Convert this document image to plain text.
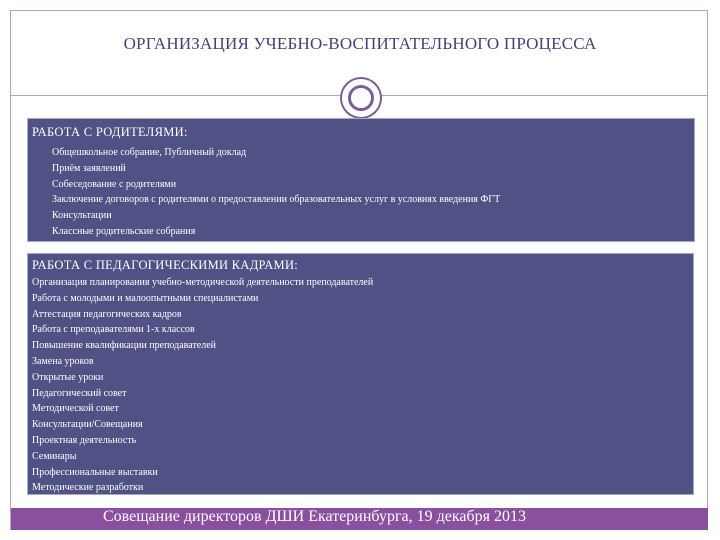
ОРГАНИЗАЦИЯ УЧЕБНО-ВОСПИТАТЕЛЬНОГО ПРОЦЕССА
РАБОТА С РОДИТЕЛЯМИ:
Общешкольное собрание, Публичный доклад
Приём заявлений
Собеседование с родителями
Заключение договоров с родителями о предоставлении образовательных услуг в условиях введения ФГТ
Консультации
Классные родительские собрания
РАБОТА С ПЕДАГОГИЧЕСКИМИ КАДРАМИ:
Организация планирования учебно-методической деятельности преподавателей
Работа с молодыми и малоопытными специалистами
Аттестация педагогических кадров
Работа с преподавателями 1-х классов
Повышение квалификации преподавателей
Замена уроков
Открытые уроки
Педагогический совет
Методической совет
Консультации/Совещания
Проектная деятельность
Семинары
Профессиональные выставки
Методические разработки
Совещание директоров ДШИ Екатеринбурга, 19 декабря 2013
